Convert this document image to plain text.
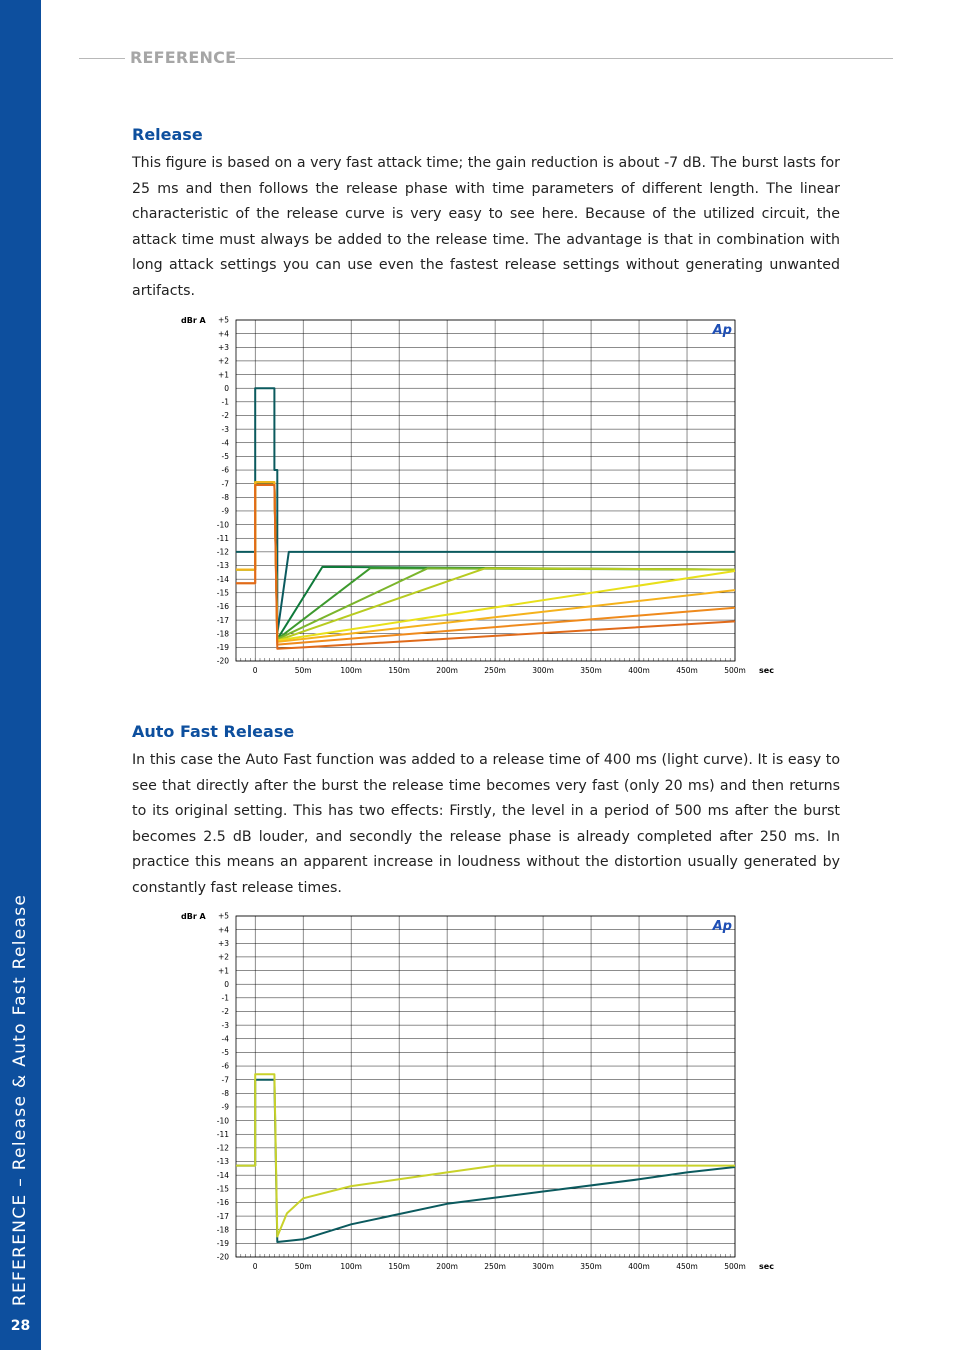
REFERENCE – Release & Auto Fast Release
28
REFERENCE
Release
This figure is based on a very fast attack time; the gain reduction is about -7 dB. The burst lasts for 25 ms and then follows the release phase with time parameters of different length. The linear characteristic of the release curve is very easy to see here. Because of the utilized circuit, the attack time must always be added to the release time. The advantage is that in combination with long attack settings you can use even the fastest release settings without generating unwanted artifacts.
+5
+4
+3
+2
+1
0
-1
-2
-3
-4
-5
-6
-7
-8
-9
-10
-11
-12
-13
-14
-15
-16
-17
-18
-19
-20
0	50m	100m	150m	200m	250m	300m	350m	400m	450m	500m
dBr A
sec
Ap
Auto Fast Release
In this case the Auto Fast function was added to a release time of 400 ms (light curve). It is easy to see that directly after the burst the release time becomes very fast (only 20 ms) and then returns to its original setting. This has two effects: Firstly, the level in a period of 500 ms after the burst becomes 2.5 dB louder, and secondly the release phase is already completed after 250 ms. In practice this means an apparent increase in loudness without the distortion usually generated by constantly fast release times.
+5
+4
+3
+2
+1
0
-1
-2
-3
-4
-5
-6
-7
-8
-9
-10
-11
-12
-13
-14
-15
-16
-17
-18
-19
-20
0	50m	100m	150m	200m	250m	300m	350m	400m	450m	500m
dBr A
sec
Ap
